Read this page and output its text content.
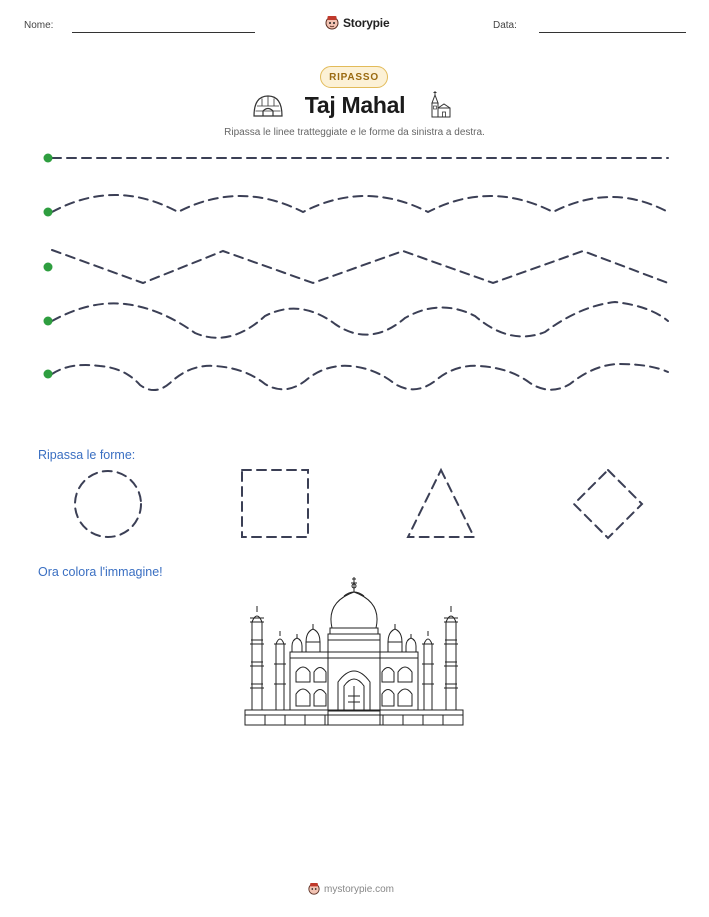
Nome:	Storypie	Data:
RIPASSO
Taj Mahal
Ripassa le linee tratteggiate e le forme da sinistra a destra.
Ripassa le forme:
Ora colora l'immagine!
mystorypie.com
